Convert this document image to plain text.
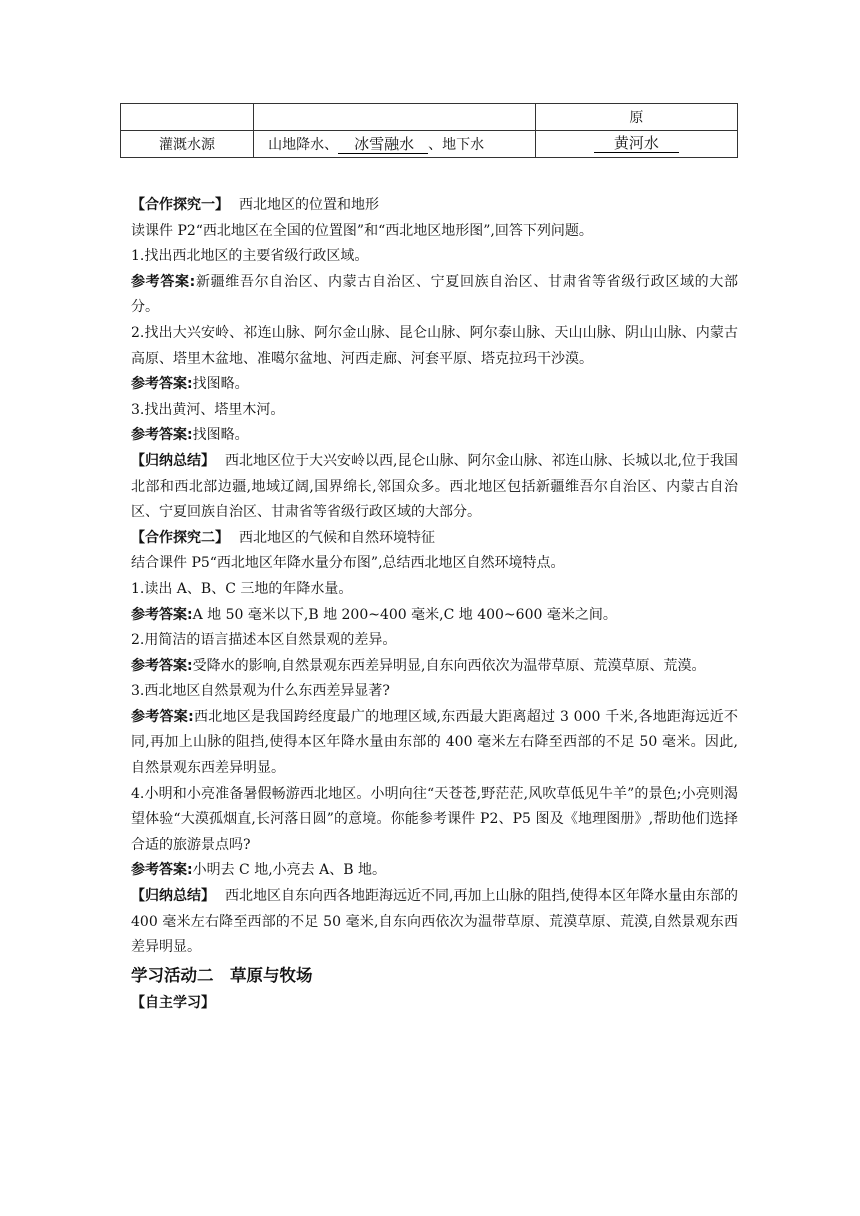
		原
灌溉水源	山地降水、 冰雪融水 、地下水	黄河水

【合作探究一】 西北地区的位置和地形

读课件 P2“西北地区在全国的位置图”和“西北地区地形图”,回答下列问题。

1.找出西北地区的主要省级行政区域。

参考答案:新疆维吾尔自治区、内蒙古自治区、宁夏回族自治区、甘肃省等省级行政区域的大部分。

2.找出大兴安岭、祁连山脉、阿尔金山脉、昆仑山脉、阿尔泰山脉、天山山脉、阴山山脉、内蒙古高原、塔里木盆地、准噶尔盆地、河西走廊、河套平原、塔克拉玛干沙漠。

参考答案:找图略。

3.找出黄河、塔里木河。

参考答案:找图略。

【归纳总结】 西北地区位于大兴安岭以西,昆仑山脉、阿尔金山脉、祁连山脉、长城以北,位于我国北部和西北部边疆,地域辽阔,国界绵长,邻国众多。西北地区包括新疆维吾尔自治区、内蒙古自治区、宁夏回族自治区、甘肃省等省级行政区域的大部分。

【合作探究二】 西北地区的气候和自然环境特征

结合课件 P5“西北地区年降水量分布图”,总结西北地区自然环境特点。

1.读出 A、B、C 三地的年降水量。

参考答案:A 地 50 毫米以下,B 地 200~400 毫米,C 地 400~600 毫米之间。

2.用简洁的语言描述本区自然景观的差异。

参考答案:受降水的影响,自然景观东西差异明显,自东向西依次为温带草原、荒漠草原、荒漠。

3.西北地区自然景观为什么东西差异显著?

参考答案:西北地区是我国跨经度最广的地理区域,东西最大距离超过 3 000 千米,各地距海远近不同,再加上山脉的阻挡,使得本区年降水量由东部的 400 毫米左右降至西部的不足 50 毫米。因此,自然景观东西差异明显。

4.小明和小亮准备暑假畅游西北地区。小明向往“天苍苍,野茫茫,风吹草低见牛羊”的景色;小亮则渴望体验“大漠孤烟直,长河落日圆”的意境。你能参考课件 P2、P5 图及《地理图册》,帮助他们选择合适的旅游景点吗?

参考答案:小明去 C 地,小亮去 A、B 地。

【归纳总结】 西北地区自东向西各地距海远近不同,再加上山脉的阻挡,使得本区年降水量由东部的 400 毫米左右降至西部的不足 50 毫米,自东向西依次为温带草原、荒漠草原、荒漠,自然景观东西差异明显。

学习活动二　草原与牧场

【自主学习】
